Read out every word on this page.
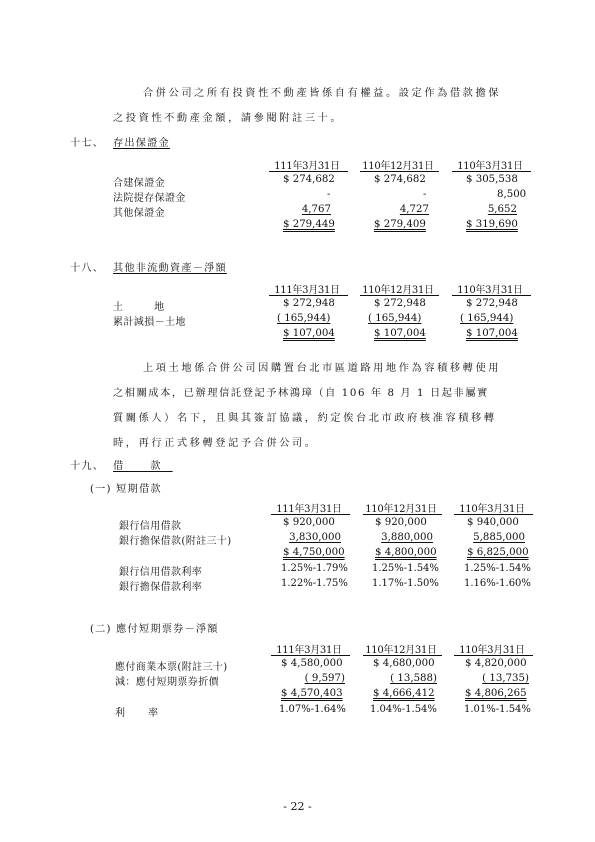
合併公司之所有投資性不動產皆係自有權益。設定作為借款擔保
之投資性不動產金額，請參閱附註三十。
十七、 存出保證金
111年3月31日	110年12月31日	110年3月31日
合建保證金	$ 274,682	$ 274,682	$ 305,538
法院提存保證金	-	-	8,500
其他保證金	4,767	4,727	5,652
$ 279,449	$ 279,409	$ 319,690
十八、 其他非流動資產－淨額
111年3月31日	110年12月31日	110年3月31日
土 地	$ 272,948	$ 272,948	$ 272,948
累計減損－土地	( 165,944)	( 165,944)	( 165,944)
$ 107,004	$ 107,004	$ 107,004
上項土地係合併公司因購置台北市區道路用地作為容積移轉使用
之相關成本，已辦理信託登記予林鴻璋（自 106 年 8 月 1 日起非屬實
質關係人）名下，且與其簽訂協議，約定俟台北市政府核准容積移轉
時，再行正式移轉登記予合併公司。
十九、 借 款
(一) 短期借款
111年3月31日	110年12月31日	110年3月31日
銀行信用借款	$ 920,000	$ 920,000	$ 940,000
銀行擔保借款(附註三十)	3,830,000	3,880,000	5,885,000
$ 4,750,000	$ 4,800,000	$ 6,825,000
銀行信用借款利率	1.25%-1.79% 1.25%-1.54%	1.25%-1.54%
銀行擔保借款利率	1.22%-1.75% 1.17%-1.50%	1.16%-1.60%
(二) 應付短期票券－淨額
111年3月31日	110年12月31日	110年3月31日
應付商業本票(附註三十)	$ 4,580,000	$ 4,680,000	$ 4,820,000
減：應付短期票券折價	( 9,597)	( 13,588)	( 13,735)
$ 4,570,403	$ 4,666,412	$ 4,806,265
利 率	1.07%-1.64% 1.04%-1.54%	1.01%-1.54%
- 22 -
